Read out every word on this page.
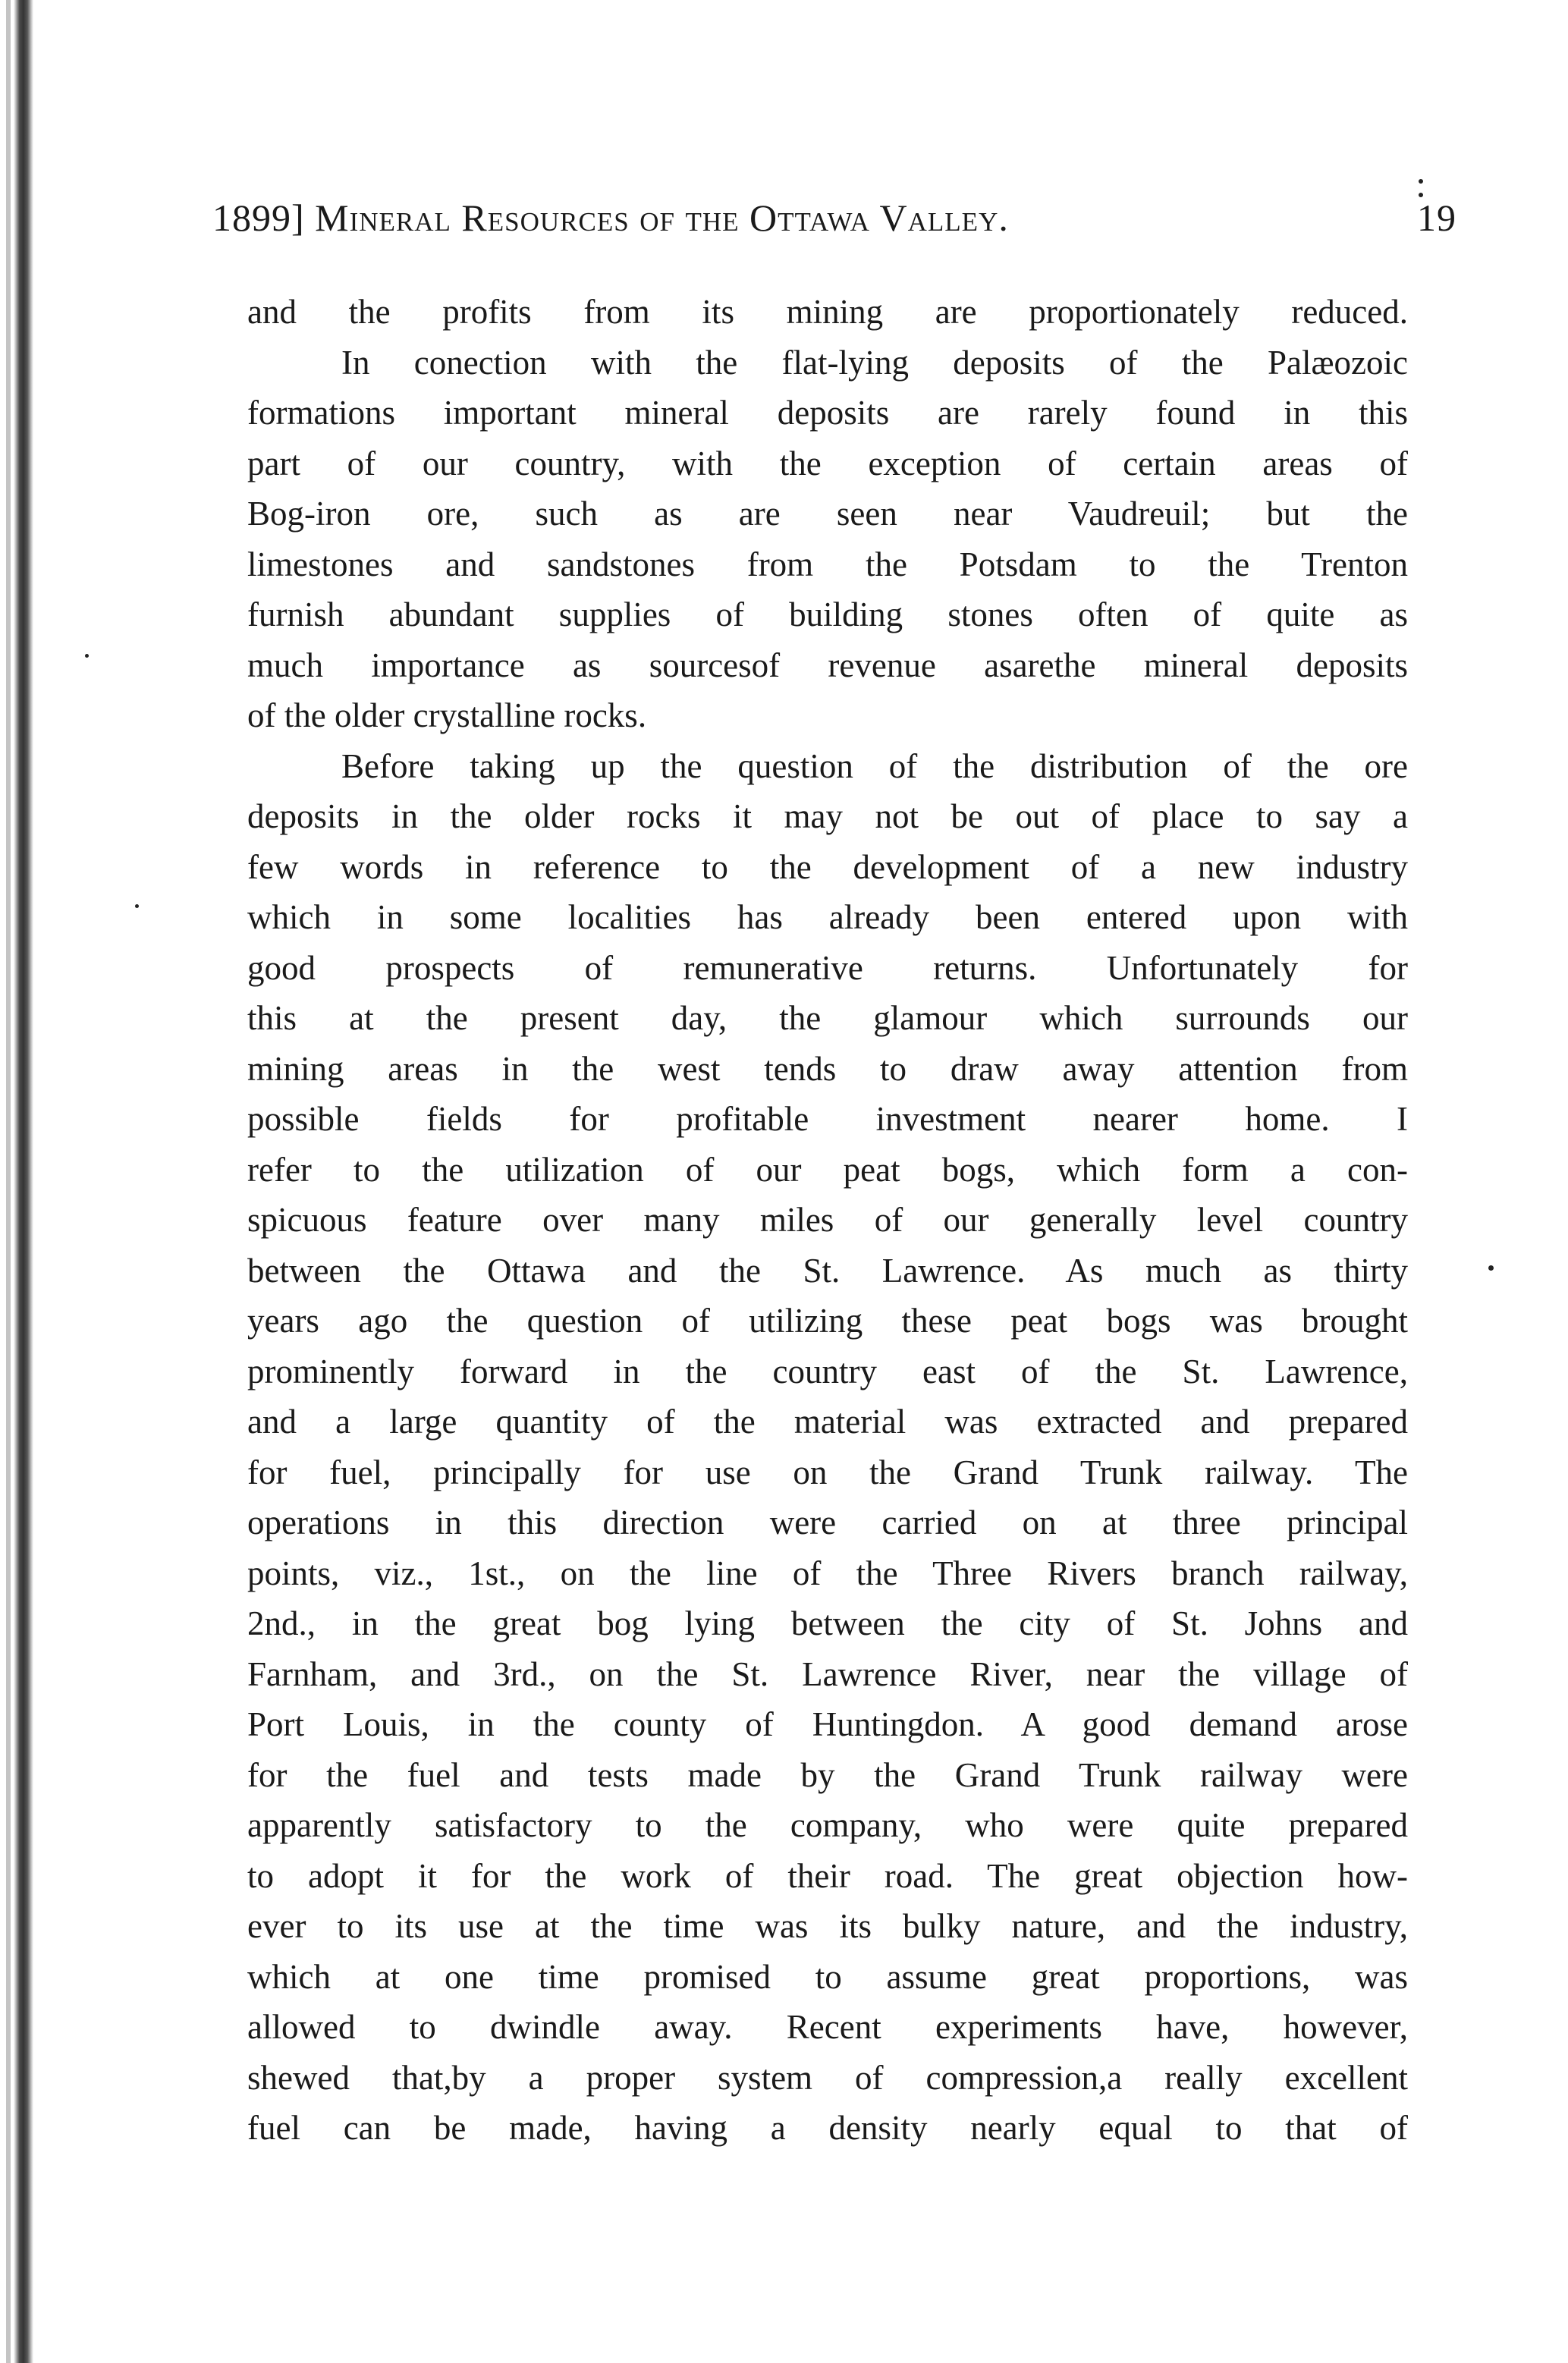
1899] Mineral Resources of the Ottawa Valley.	19
and the profits from its mining are proportionately reduced.
In conection with the flat-lying deposits of the Palæozoic
formations important mineral deposits are rarely found in this
part of our country, with the exception of certain areas of
Bog-iron ore, such as are seen near Vaudreuil; but the
limestones and sandstones from the Potsdam to the Trenton
furnish abundant supplies of building stones often of quite as
much importance as sourcesof revenue asarethe mineral deposits
of the older crystalline rocks.
Before taking up the question of the distribution of the ore
deposits in the older rocks it may not be out of place to say a
few words in reference to the development of a new industry
which in some localities has already been entered upon with
good prospects of remunerative returns. Unfortunately for
this at the present day, the glamour which surrounds our
mining areas in the west tends to draw away attention from
possible fields for profitable investment nearer home. I
refer to the utilization of our peat bogs, which form a con-
spicuous feature over many miles of our generally level country
between the Ottawa and the St. Lawrence. As much as thirty
years ago the question of utilizing these peat bogs was brought
prominently forward in the country east of the St. Lawrence,
and a large quantity of the material was extracted and prepared
for fuel, principally for use on the Grand Trunk railway. The
operations in this direction were carried on at three principal
points, viz., 1st., on the line of the Three Rivers branch railway,
2nd., in the great bog lying between the city of St. Johns and
Farnham, and 3rd., on the St. Lawrence River, near the village of
Port Louis, in the county of Huntingdon. A good demand arose
for the fuel and tests made by the Grand Trunk railway were
apparently satisfactory to the company, who were quite prepared
to adopt it for the work of their road. The great objection how-
ever to its use at the time was its bulky nature, and the industry,
which at one time promised to assume great proportions, was
allowed to dwindle away. Recent experiments have, however,
shewed that,by a proper system of compression,a really excellent
fuel can be made, having a density nearly equal to that of
